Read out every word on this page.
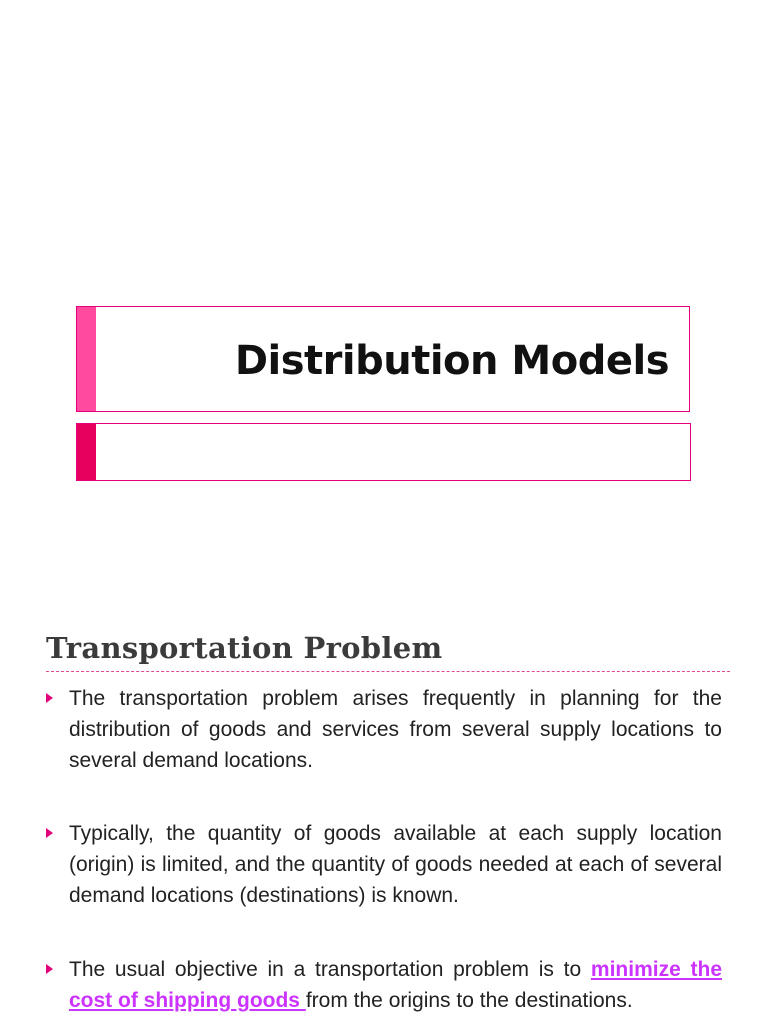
Distribution Models
Transportation Problem
The transportation problem arises frequently in planning for the distribution of goods and services from several supply locations to several demand locations.
Typically, the quantity of goods available at each supply location (origin) is limited, and the quantity of goods needed at each of several demand locations (destinations) is known.
The usual objective in a transportation problem is to minimize the cost of shipping goods from the origins to the destinations.
